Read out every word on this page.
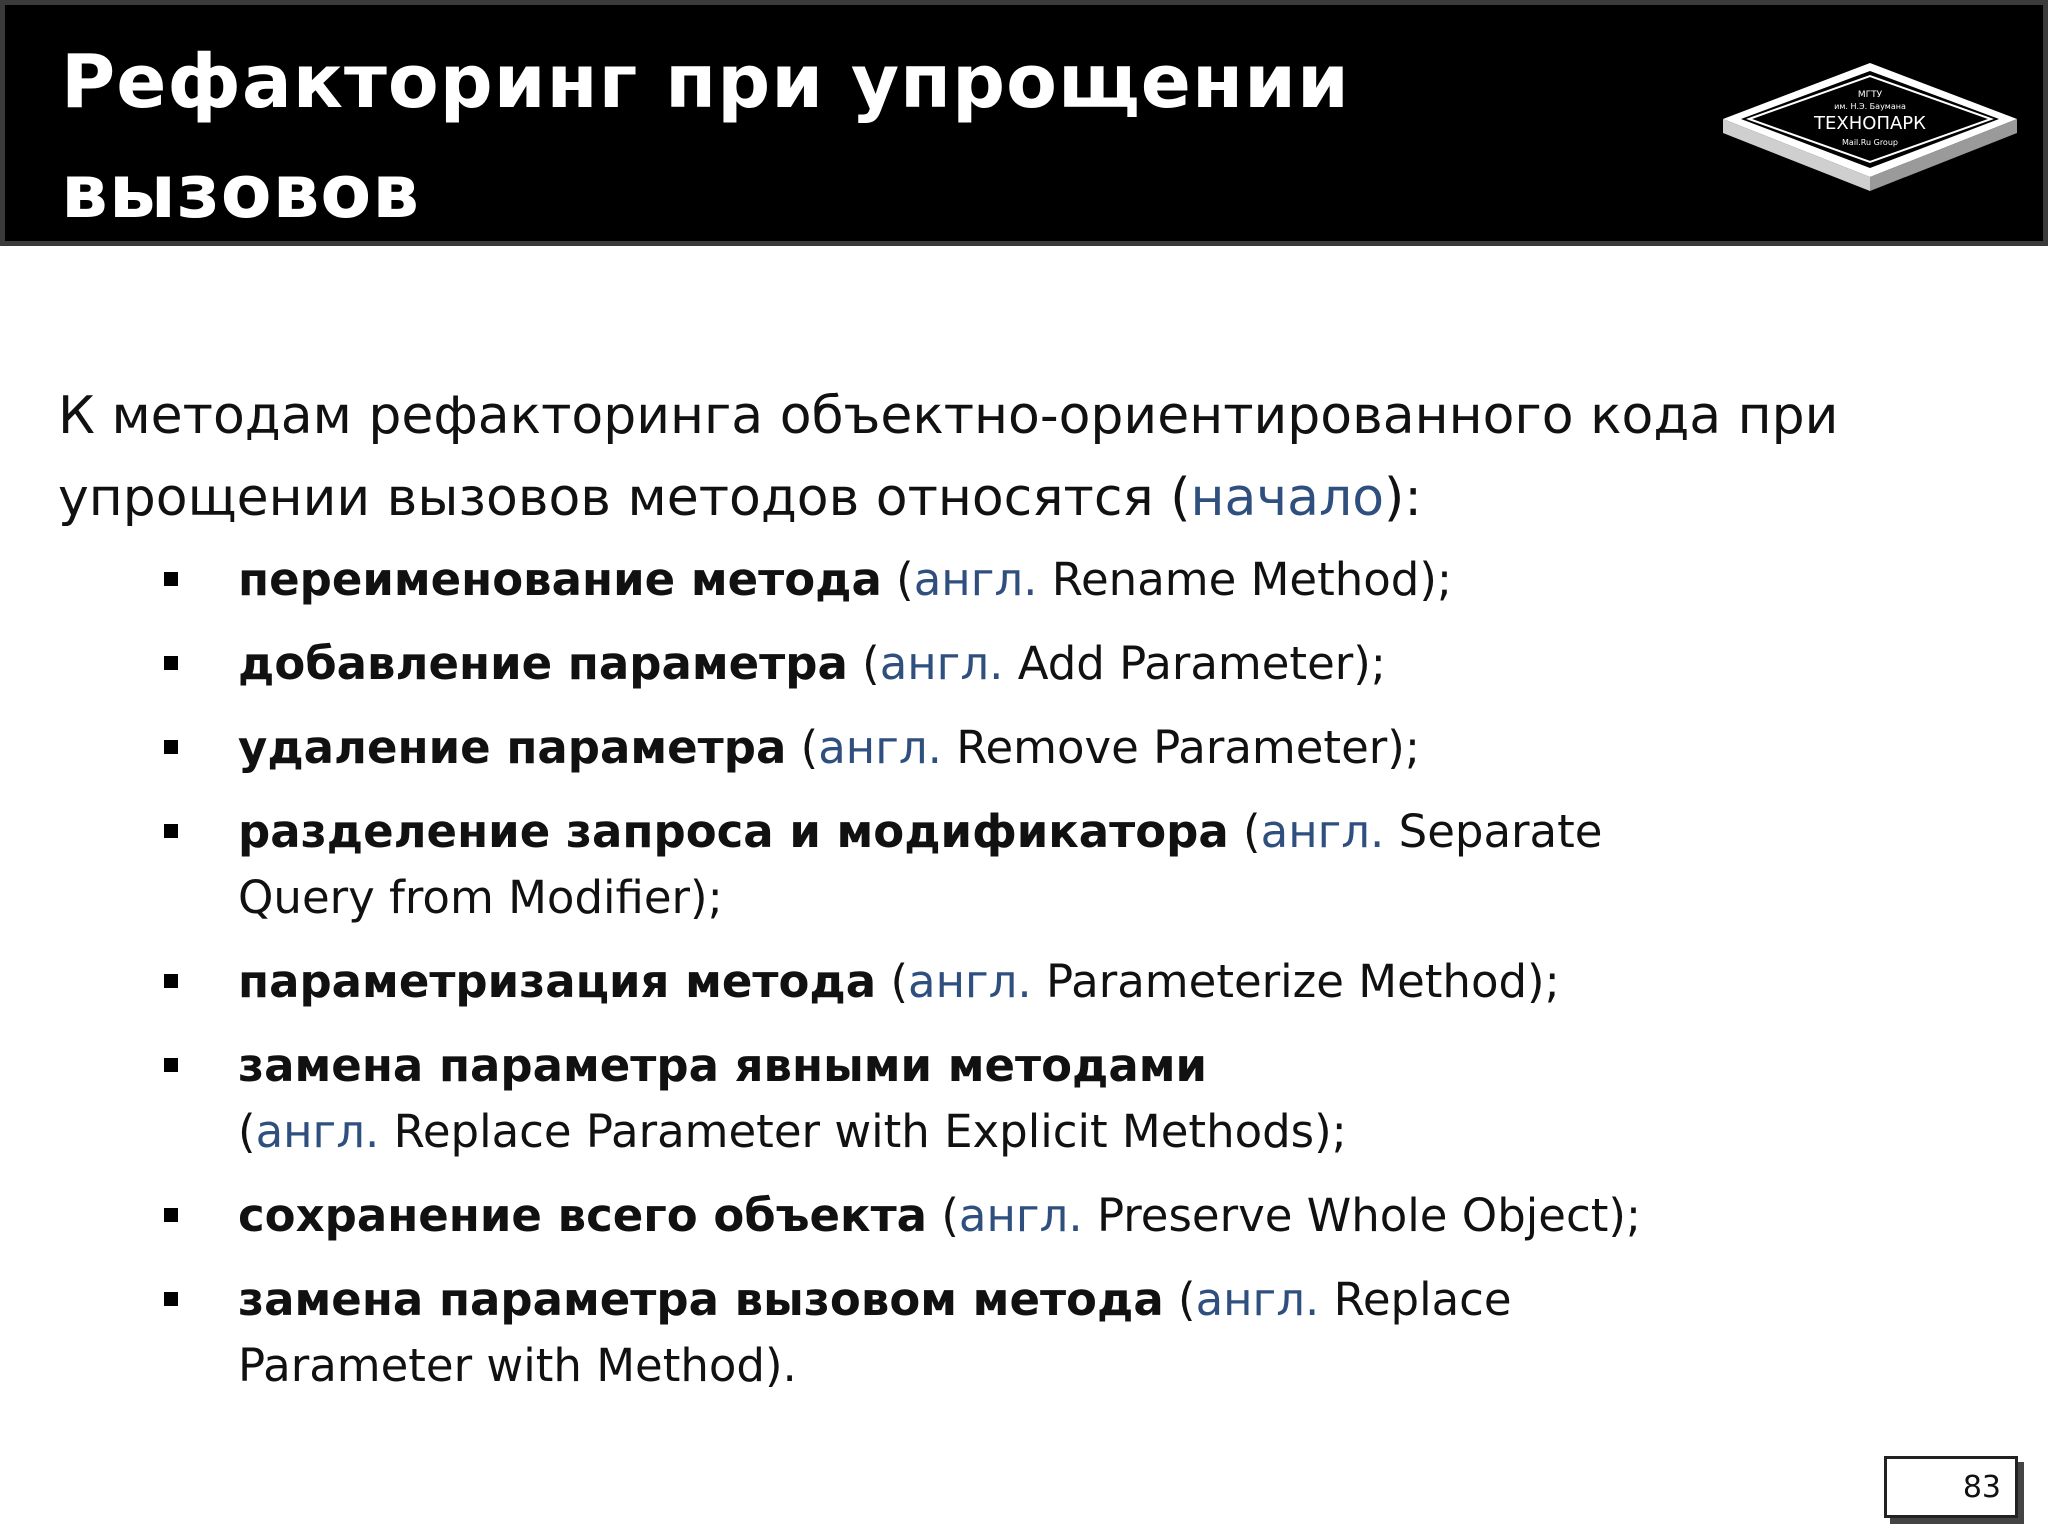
Рефакторинг при упрощении вызовов
методов (1 / 2)
МГТУ
им. Н.Э. Баумана
ТЕХНОПАРК
Mail.Ru Group

К методам рефакторинга объектно-ориентированного кода при упрощении вызовов методов относятся (начало):

переименование метода (англ. Rename Method);
добавление параметра (англ. Add Parameter);
удаление параметра (англ. Remove Parameter);
разделение запроса и модификатора (англ. Separate Query from Modifier);
параметризация метода (англ. Parameterize Method);
замена параметра явными методами
(англ. Replace Parameter with Explicit Methods);
сохранение всего объекта (англ. Preserve Whole Object);
замена параметра вызовом метода (англ. Replace Parameter with Method).
83
